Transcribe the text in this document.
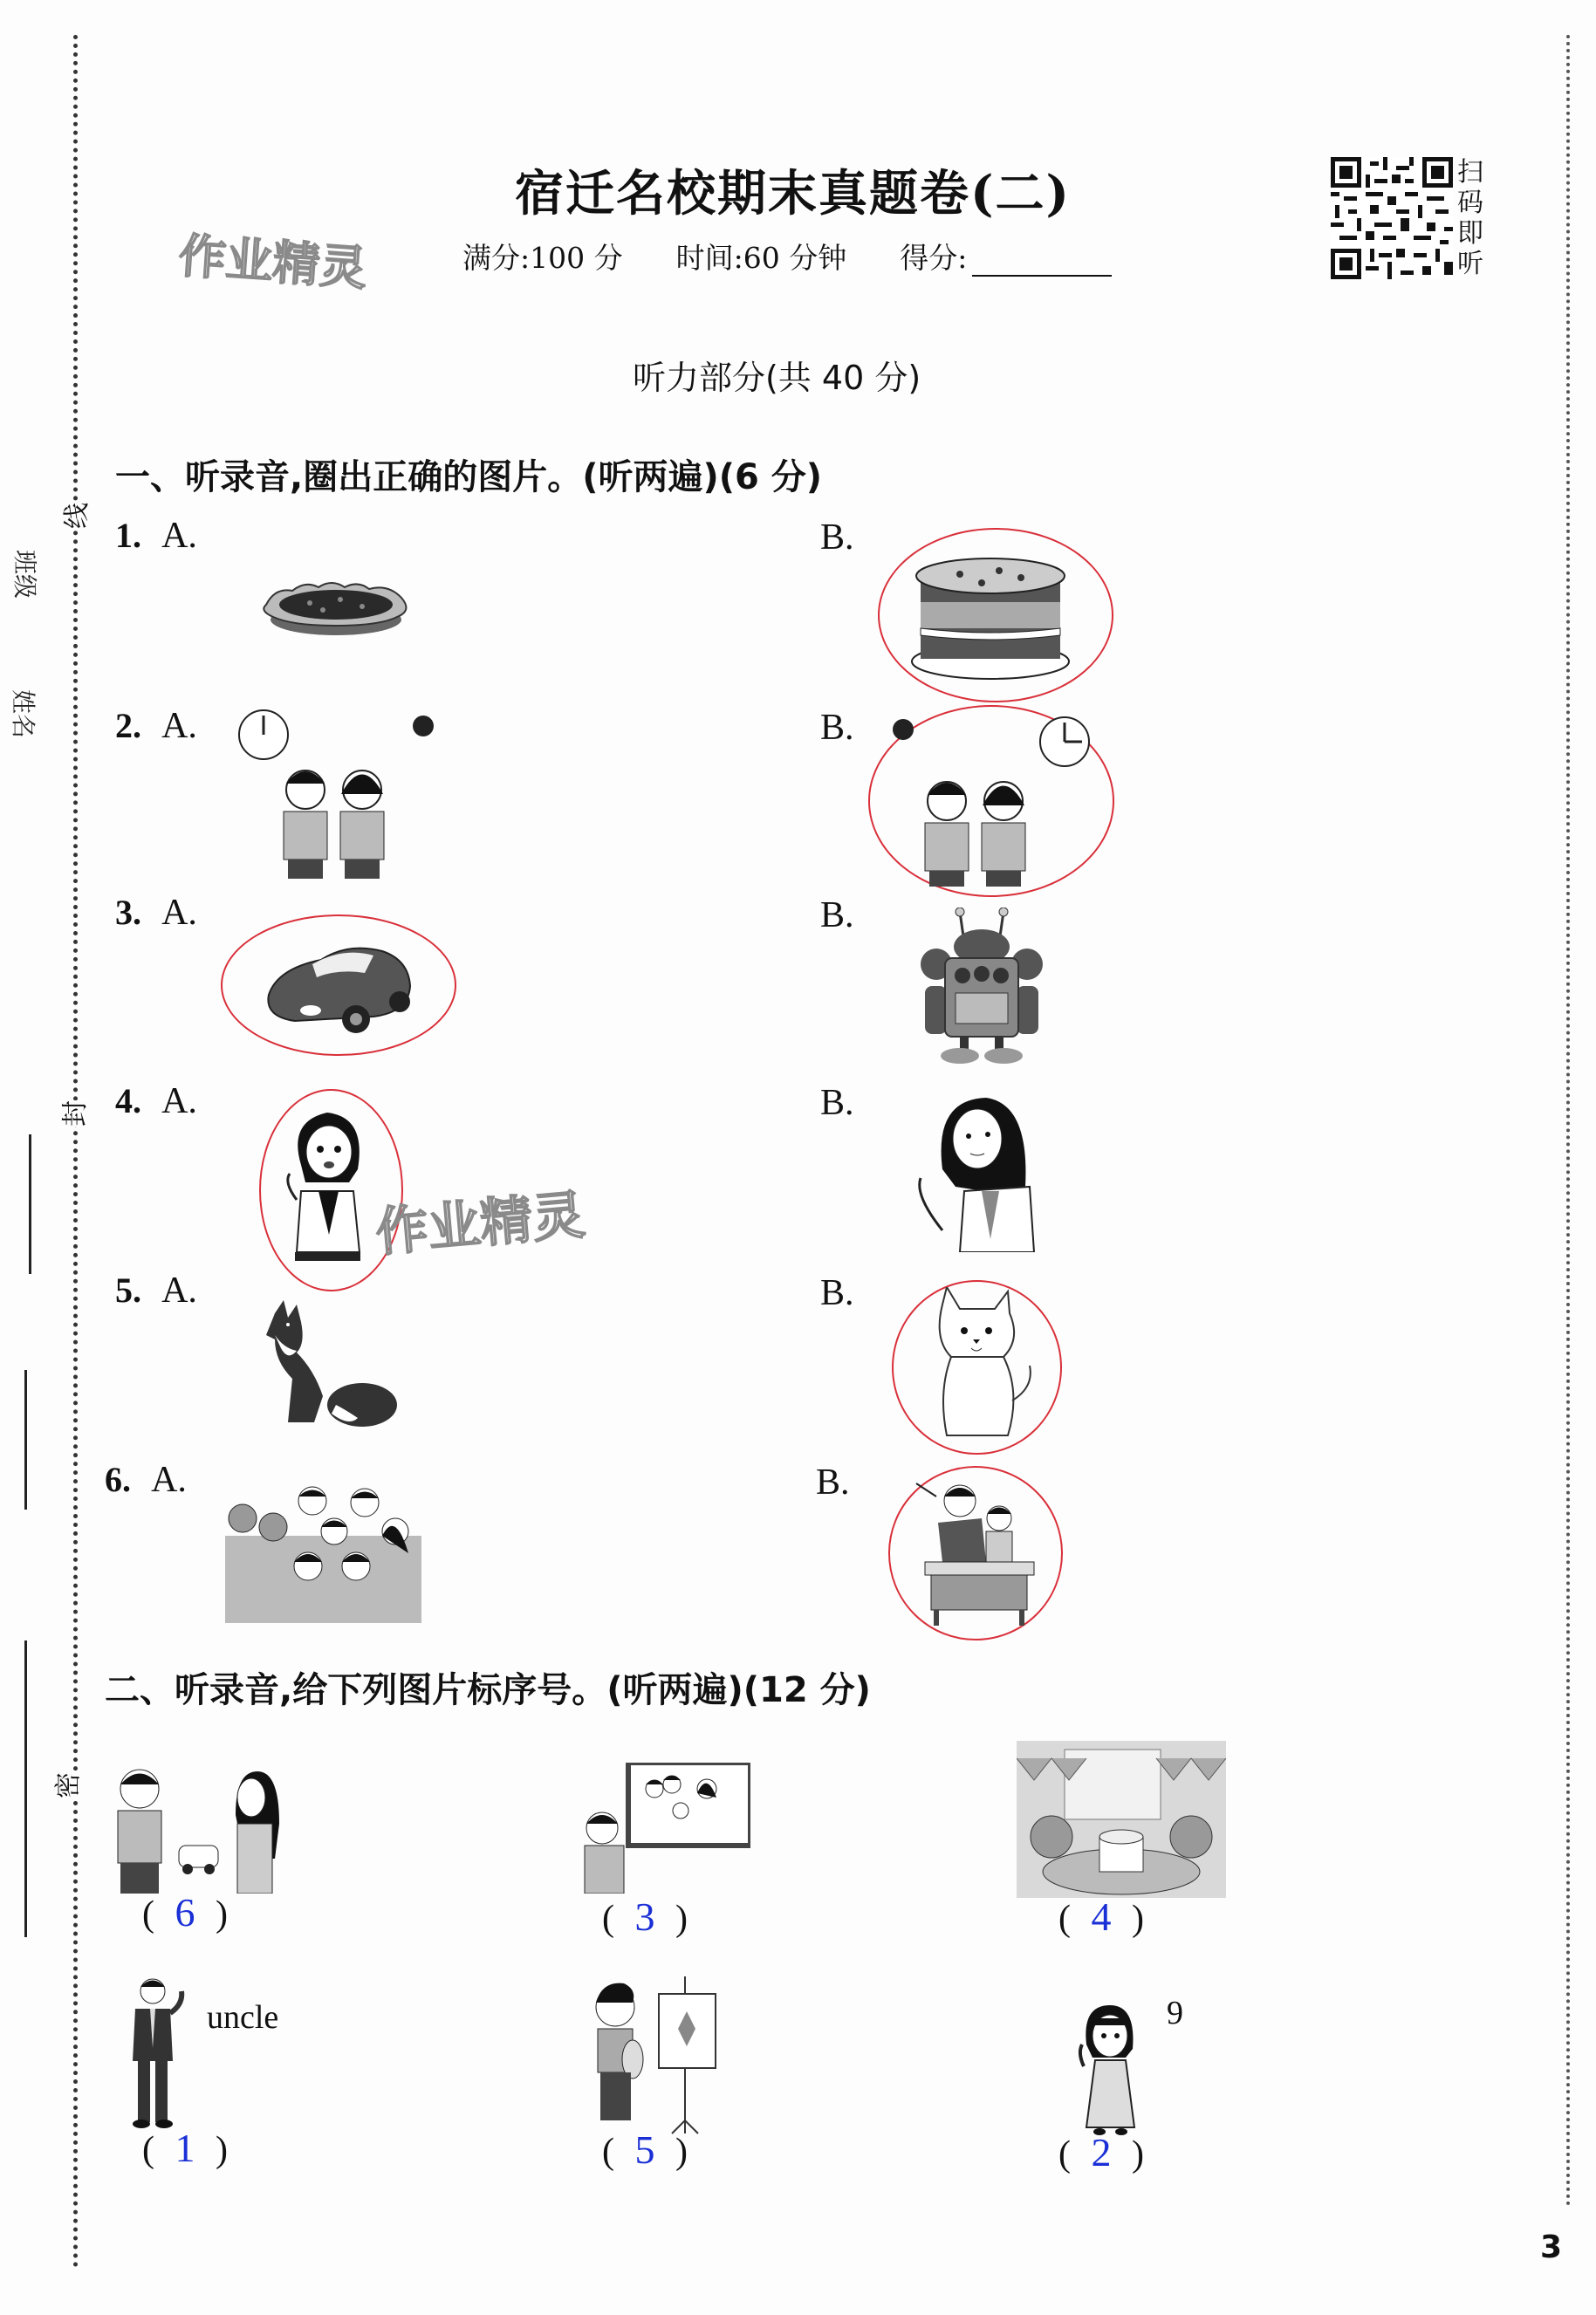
线
封
密
班级
姓名
宿迁名校期末真题卷(二)
作业精灵	满分:100 分 时间:60 分钟 得分:
扫
码
即
听
听力部分(共 40 分)
一、听录音,圈出正确的图片。(听两遍)(6 分)
1. A.	B.
2. A.	B.
3. A.	B.
4. A.
作业精灵
B.
5. A.	B.
6. A.	B.
二、听录音,给下列图片标序号。(听两遍)(12 分)
( 6 )	( 3 )	( 4 )
uncle
( 1 )	( 5 )
9
( 2 )
3
